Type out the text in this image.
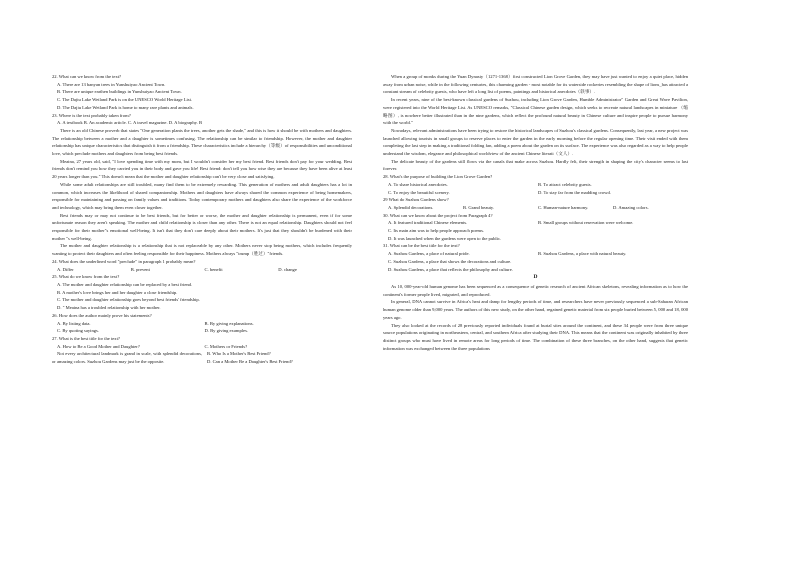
22. What can we know from the text?

A. There are 13 banyan trees in Yunshuiyao Ancient Town.

B. There are unique earthen buildings in Yunshuiyao Ancient Town.

C. The Dajiu Lake Wetland Park is on the UNESCO World Heritage List.

D. The Dajiu Lake Wetland Park is home to many rare plants and animals.

23. Where is the text probably taken from?

A. A textbook B. An academic article. C. A travel magazine. D. A biography. B

There is an old Chinese proverb that states "One generation plants the trees, another gets the shade," and this is how it should be with mothers and daughters. The relationship between a mother and a daughter is sometimes confusing. The relationship can be similar to friendship. However, the mother and daughter relationship has unique characteristics that distinguish it from a friendship. These characteristics include a hierarchy（等级）of responsibilities and unconditional love, which preclude mothers and daughters from being best friends.

Meaina, 27 years old, said, "I love spending time with my mom, but I wouldn't consider her my best friend. Best friends don't pay for your wedding. Best friends don't remind you how they carried you in their body and gave you life! Best friend: don't tell you how wise they are because they have been alive at least 20 years longer than you." This doesn't mean that the mother and daughter relationship can't be very close and satisfying.

While some adult relationships are still troubled, many find them to be extremely rewarding. This generation of mothers and adult daughters has a lot in common, which increases the likelihood of shared companionship. Mothers and daughters have always shared the common experience of being homemakers, responsible for maintaining and passing on family values and traditions. Today contemporary mothers and daughters also share the experience of the workforce and technology, which may bring them even closer together.

Best friends may or may not continue to be best friends, but for better or worse, the mother and daughter relationship is permanent, even if for some unfortunate reason they aren't speaking. The mother and child relationship is closer than any other. There is not an equal relationship. Daughters should not feel responsible for their mother"s emotional well-being. It isn't that they don't care deeply about their mothers. It's just that they shouldn't be burdened with their mother "s well-being.

The mother and daughter relationship is a relationship that is not replaceable by any other. Mothers never stop being mothers, which includes frequently wanting to protect their daughters and often feeling responsible for their happiness. Mothers always "trump（胜过）"friends.

24. What does the underlined word "preclude" in paragraph 1 probably mean?

A. Differ	B. prevent	C. benefit	D. change

25. What do we know from the text?

A. The mother and daughter relationship can be replaced by a best friend.

B. A mother's love brings her and her daughter a close friendship.

C. The mother and daughter relationship goes beyond best friends' friendship.

D. " Meaina has a troubled relationship with her mother.

26. How does the author mainly prove his statements?

A. By listing data.	B. By giving explanations.
C. By quoting sayings.	D. By giving examples.

27. What is the best title for the text?

A. How to Be a Good Mother and Daughter?	C. Mothers or Friends?

Not every architectural landmark is grand in scale, with splendid decorations, or amazing colors. Suzhou Gardens may just be the opposite.

B. Who Is a Mother's Best Friend?

D. Can a Mother Be a Daughter's Best Friend?

When a group of monks during the Yuan Dynasty（1271-1368）first constructed Lion Grove Garden, they may have just wanted to enjoy a quiet place, hidden away from urban noise, while in the following centuries, this charming garden - most notable for its waterside rockeries resembling the shape of lions_has attracted a constant stream of celebrity guests, who have left a long list of poems, paintings and historical anecdotes（轶事）.

In recent years, nine of the best-known classical gardens of Suzhou, including Lion Grove Garden, Humble Administrator" Garden and Great Wave Pavilion, were registered into the World Heritage List. As UNESCO remarks, "Classical Chinese garden design, which seeks to recreate natural landscapes in miniature （缩略图）, is nowhere better illustrated than in the nine gardens, which reflect the profound natural beauty in Chinese culture and inspire people to pursue harmony with the world."

Nowadays, relevant administrations have been trying to restore the historical landscapes of Suzhou's classical gardens. Consequently, last year, a new project was launched allowing tourists in small groups to reserve places to enter the garden in the early morning before the regular opening time. Their visit ended with them completing the last step in making a traditional folding fan, adding a poem about the garden on its surface. The experience was also regarded as a way to help people understand the wisdom, elegance and philosophical worldview of the ancient Chinese literati（文人）.

The delicate beauty of the gardens still flows via the canals that make across Suzhou. Hardly felt, their strength in shaping the city's character seems to last forever.

28. What's the purpose of building the Lion Grove Garden?

A. To share historical anecdotes.	B. To attract celebrity guests.
C. To enjoy the beautiful scenery.	D. To stay far from the madding crowd.

29 What do Suzhou Gardens show?

A. Splendid decorations.	B. Grand beauty.	C. Human-nature harmony.	D. Amazing colors.

30. What can we know about the project from Paragraph 4?

A. It featured traditional Chinese elements.	B. Small groups without reservation were welcome.

C. Its main aim was to help people approach poems.

D. It was launched when the gardens were open to the public.

31. What can be the best title for the text?

A. Suzhou Gardens, a place of natural pride.	B. Suzhou Gardens, a place with natural beauty.

C. Suzhou Gardens, a place that shows the decorations and culture.

D. Suzhou Gardens, a place that reflects the philosophy and culture.

D

As 10, 000-year-old human genome has been sequenced as a consequence of genetic research of ancient African skeletons, revealing information as to how the continent's former people lived, migrated, and reproduced.

In general, DNA cannot survive in Africa's heat and damp for lengthy periods of time, and researchers have never previously sequenced a sub-Saharan African human genome older than 9,000 years. The authors of this new study, on the other hand, regained genetic material from six people buried between 5, 000 and 18, 000 years ago.

They also looked at the records of 28 previously reported individuals found at burial sites around the continent, and these 34 people were from three unique source populations originating in northeastern, central, and southern Africa after studying their DNA. This means that the continent was originally inhabited by three distinct groups who must have lived in remote areas for long periods of time. The combination of these three branches, on the other hand, suggests that genetic information was exchanged between the three populations
